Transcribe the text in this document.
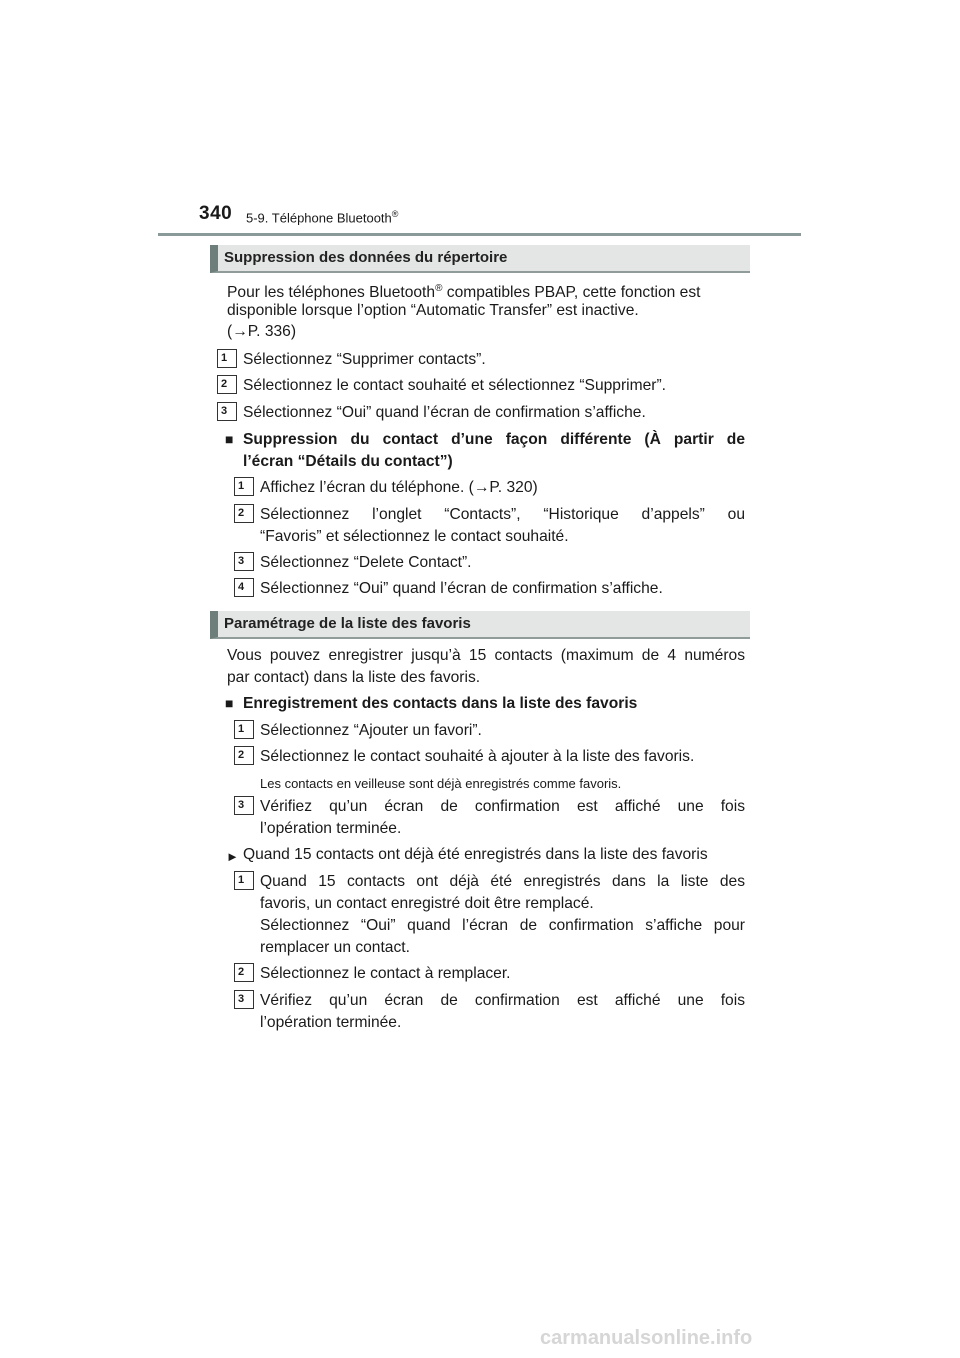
340 5-9. Téléphone Bluetooth®
Suppression des données du répertoire
Pour les téléphones Bluetooth® compatibles PBAP, cette fonction est
disponible lorsque l’option “Automatic Transfer” est inactive.
(→P. 336)
1	Sélectionnez “Supprimer contacts”.
2	Sélectionnez le contact souhaité et sélectionnez “Supprimer”.
3	Sélectionnez “Oui” quand l’écran de confirmation s’affiche.
■ Suppression du contact d’une façon différente (À partir de
l’écran “Détails du contact”)
1	Affichez l’écran du téléphone. (→P. 320)
2	Sélectionnez l’onglet “Contacts”, “Historique d’appels” ou
“Favoris” et sélectionnez le contact souhaité.
3	Sélectionnez “Delete Contact”.
4	Sélectionnez “Oui” quand l’écran de confirmation s’affiche.
Paramétrage de la liste des favoris
Vous pouvez enregistrer jusqu’à 15 contacts (maximum de 4 numéros
par contact) dans la liste des favoris.
■ Enregistrement des contacts dans la liste des favoris
1	Sélectionnez “Ajouter un favori”.
2	Sélectionnez le contact souhaité à ajouter à la liste des favoris.
Les contacts en veilleuse sont déjà enregistrés comme favoris.
3	Vérifiez qu’un écran de confirmation est affiché une fois
l’opération terminée.
► Quand 15 contacts ont déjà été enregistrés dans la liste des favoris
1	Quand 15 contacts ont déjà été enregistrés dans la liste des
favoris, un contact enregistré doit être remplacé.
Sélectionnez “Oui” quand l’écran de confirmation s’affiche pour
remplacer un contact.
2	Sélectionnez le contact à remplacer.
3	Vérifiez qu’un écran de confirmation est affiché une fois
l’opération terminée.
carmanualsonline.info
